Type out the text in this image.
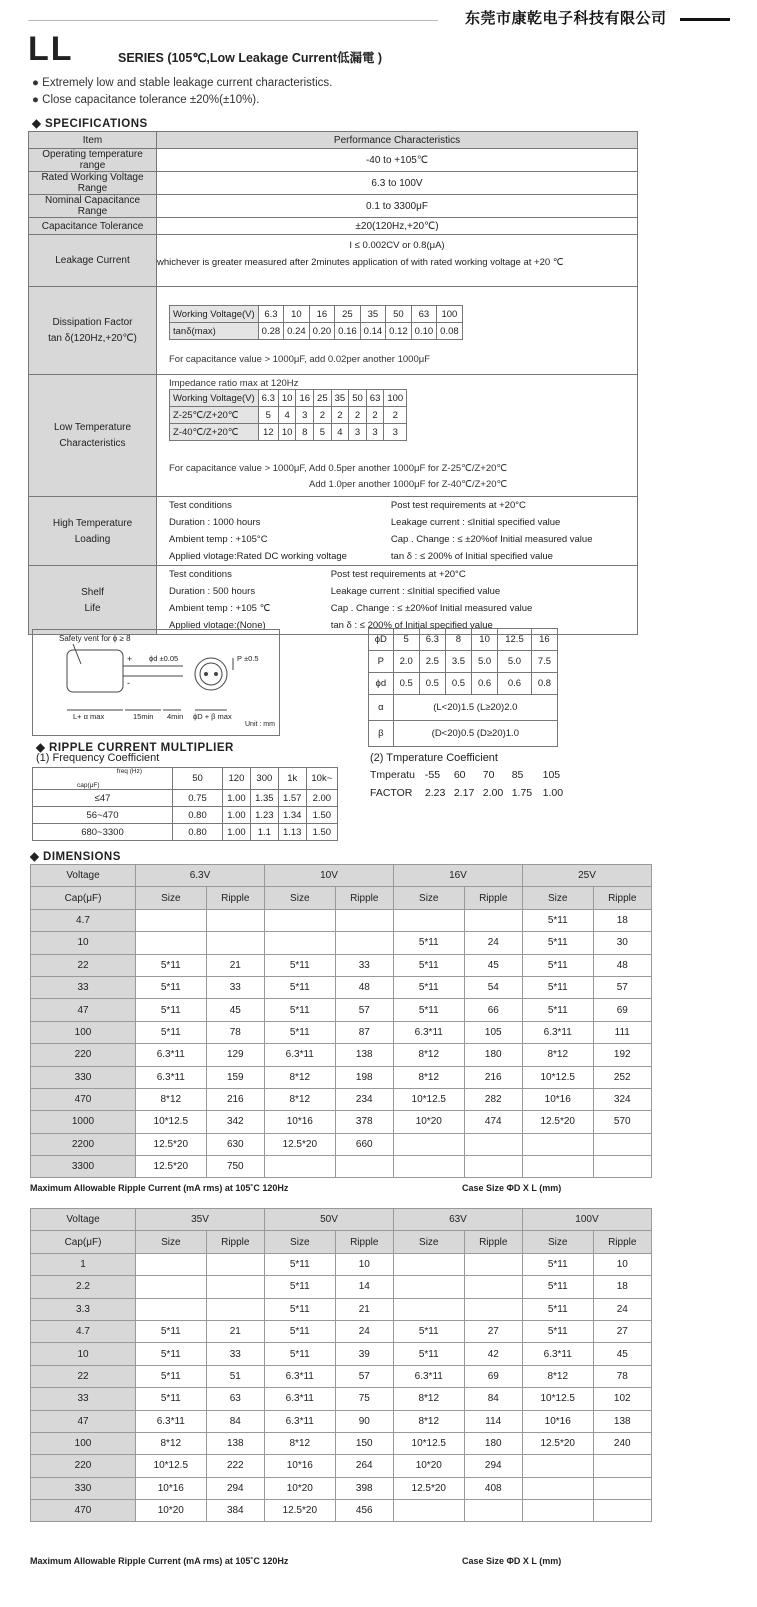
东莞市康乾电子科技有限公司
LL	SERIES (105℃,Low Leakage Current低漏電 )
● Extremely low and stable leakage current characteristics.
● Close capacitance tolerance ±20%(±10%).
◆ SPECIFICATIONS
Item	Performance Characteristics
Operating temperature range	-40 to +105℃
Rated Working Voltage Range	6.3 to 100V
Nominal Capacitance Range	0.1 to 3300μF
Capacitance Tolerance	±20(120Hz,+20℃)
Leakage Current	
I ≤ 0.002CV or 0.8(μA)
whichever is greater measured after 2minutes application of with rated working voltage at +20 ℃

Dissipation Factor
tan δ(120Hz,+20℃)

Working Voltage(V)	6.3	10	16	25	35	50	63	100
tanδ(max)	0.28	0.24	0.20	0.16	0.14	0.12	0.10	0.08
For capacitance value > 1000μF, add 0.02per another 1000μF

Low Temperature
Characteristics

Impedance ratio max at 120Hz
Working Voltage(V)	6.3	10	16	25	35	50	63	100
Z-25℃/Z+20℃	5	4	3	2	2	2	2	2
Z-40℃/Z+20℃	12	10	8	5	4	3	3	3
For capacitance value > 1000μF, Add 0.5per another 1000μF for Z-25℃/Z+20℃
Add 1.0per another 1000μF for Z-40℃/Z+20℃

High Temperature
Loading

Test conditions	Post test requirements at +20°C
Duration : 1000 hours	Leakage current : ≤Initial specified value
Ambient temp : +105°C	Cap . Change : ≤ ±20%of Initial measured value
Applied vlotage:Rated DC working voltage	tan δ : ≤ 200% of Initial specified value

Shelf
Life

Test conditions	Post test requirements at +20°C
Duration : 500 hours	Leakage current : ≤Initial specified value
Ambient temp : +105 ℃	Cap . Change : ≤ ±20%of Initial measured value
Applied vlotage:(None)	tan δ : ≤ 200% of Initial specified value
Safety vent for ϕ ≥ 8
+
-
ϕd ±0.05	P ±0.5
L+ α max	15min 4min ϕD + β max
Unit : mm
ϕD	5	6.3	8	10	12.5	16
P	2.0	2.5	3.5	5.0	5.0	7.5
ϕd	0.5	0.5	0.5	0.6	0.6	0.8
α	(L<20)1.5 (L≥20)2.0					
β	(D<20)0.5 (D≥20)1.0					
◆ RIPPLE CURRENT MULTIPLIER
(1) Frequency Coefficient
freq (Hz)
cap(μF)	50	120	300	1k	10k~
≤47	0.75	1.00	1.35	1.57	2.00
56~470	0.80	1.00	1.23	1.34	1.50
680~3300	0.80	1.00	1.1	1.13	1.50
(2) Tmperature Coefficient
Tmperatu -55 60 70 85 105
FACTOR 2.23 2.17 2.00 1.75 1.00
◆ DIMENSIONS
Voltage	6.3V		10V		16V		25V	
Cap(μF)	Size	Ripple	Size	Ripple	Size	Ripple	Size	Ripple
4.7							5*11	18
10					5*11	24	5*11	30
22	5*11	21	5*11	33	5*11	45	5*11	48
33	5*11	33	5*11	48	5*11	54	5*11	57
47	5*11	45	5*11	57	5*11	66	5*11	69
100	5*11	78	5*11	87	6.3*11	105	6.3*11	111
220	6.3*11	129	6.3*11	138	8*12	180	8*12	192
330	6.3*11	159	8*12	198	8*12	216	10*12.5	252
470	8*12	216	8*12	234	10*12.5	282	10*16	324
1000	10*12.5	342	10*16	378	10*20	474	12.5*20	570
2200	12.5*20	630	12.5*20	660				
3300	12.5*20	750						
Maximum Allowable Ripple Current (mA rms) at 105˚C 120Hz	Case Size ΦD X L (mm)
Voltage	35V		50V		63V		100V	
Cap(μF)	Size	Ripple	Size	Ripple	Size	Ripple	Size	Ripple
1			5*11	10			5*11	10
2.2			5*11	14			5*11	18
3.3			5*11	21			5*11	24
4.7	5*11	21	5*11	24	5*11	27	5*11	27
10	5*11	33	5*11	39	5*11	42	6.3*11	45
22	5*11	51	6.3*11	57	6.3*11	69	8*12	78
33	5*11	63	6.3*11	75	8*12	84	10*12.5	102
47	6.3*11	84	6.3*11	90	8*12	114	10*16	138
100	8*12	138	8*12	150	10*12.5	180	12.5*20	240
220	10*12.5	222	10*16	264	10*20	294		
330	10*16	294	10*20	398	12.5*20	408		
470	10*20	384	12.5*20	456				
Maximum Allowable Ripple Current (mA rms) at 105˚C 120Hz	Case Size ΦD X L (mm)
